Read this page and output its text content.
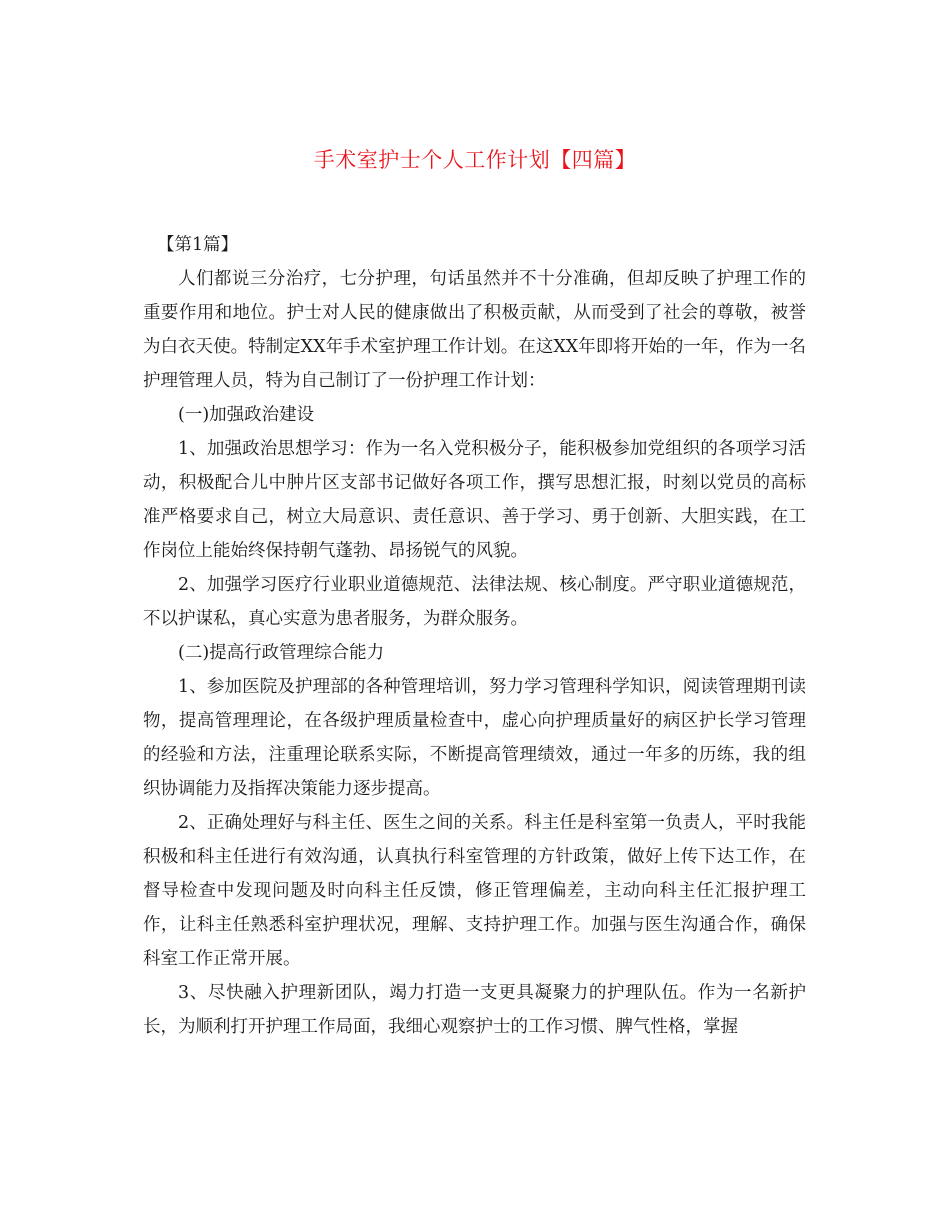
手术室护士个人工作计划【四篇】

【第1篇】

人们都说三分治疗，七分护理，句话虽然并不十分准确，但却反映了护理工作的重要作用和地位。护士对人民的健康做出了积极贡献，从而受到了社会的尊敬，被誉为白衣天使。特制定XX年手术室护理工作计划。在这XX年即将开始的一年，作为一名护理管理人员，特为自己制订了一份护理工作计划：

(一)加强政治建设

1、加强政治思想学习：作为一名入党积极分子，能积极参加党组织的各项学习活动，积极配合儿中肿片区支部书记做好各项工作，撰写思想汇报，时刻以党员的高标准严格要求自己，树立大局意识、责任意识、善于学习、勇于创新、大胆实践，在工作岗位上能始终保持朝气蓬勃、昂扬锐气的风貌。

2、加强学习医疗行业职业道德规范、法律法规、核心制度。严守职业道德规范，不以护谋私，真心实意为患者服务，为群众服务。

(二)提高行政管理综合能力

1、参加医院及护理部的各种管理培训，努力学习管理科学知识，阅读管理期刊读物，提高管理理论，在各级护理质量检查中，虚心向护理质量好的病区护长学习管理的经验和方法，注重理论联系实际，不断提高管理绩效，通过一年多的历练，我的组织协调能力及指挥决策能力逐步提高。

2、正确处理好与科主任、医生之间的关系。科主任是科室第一负责人，平时我能积极和科主任进行有效沟通，认真执行科室管理的方针政策，做好上传下达工作，在督导检查中发现问题及时向科主任反馈，修正管理偏差，主动向科主任汇报护理工作，让科主任熟悉科室护理状况，理解、支持护理工作。加强与医生沟通合作，确保科室工作正常开展。

3、尽快融入护理新团队，竭力打造一支更具凝聚力的护理队伍。作为一名新护长，为顺利打开护理工作局面，我细心观察护士的工作习惯、脾气性格，掌握
